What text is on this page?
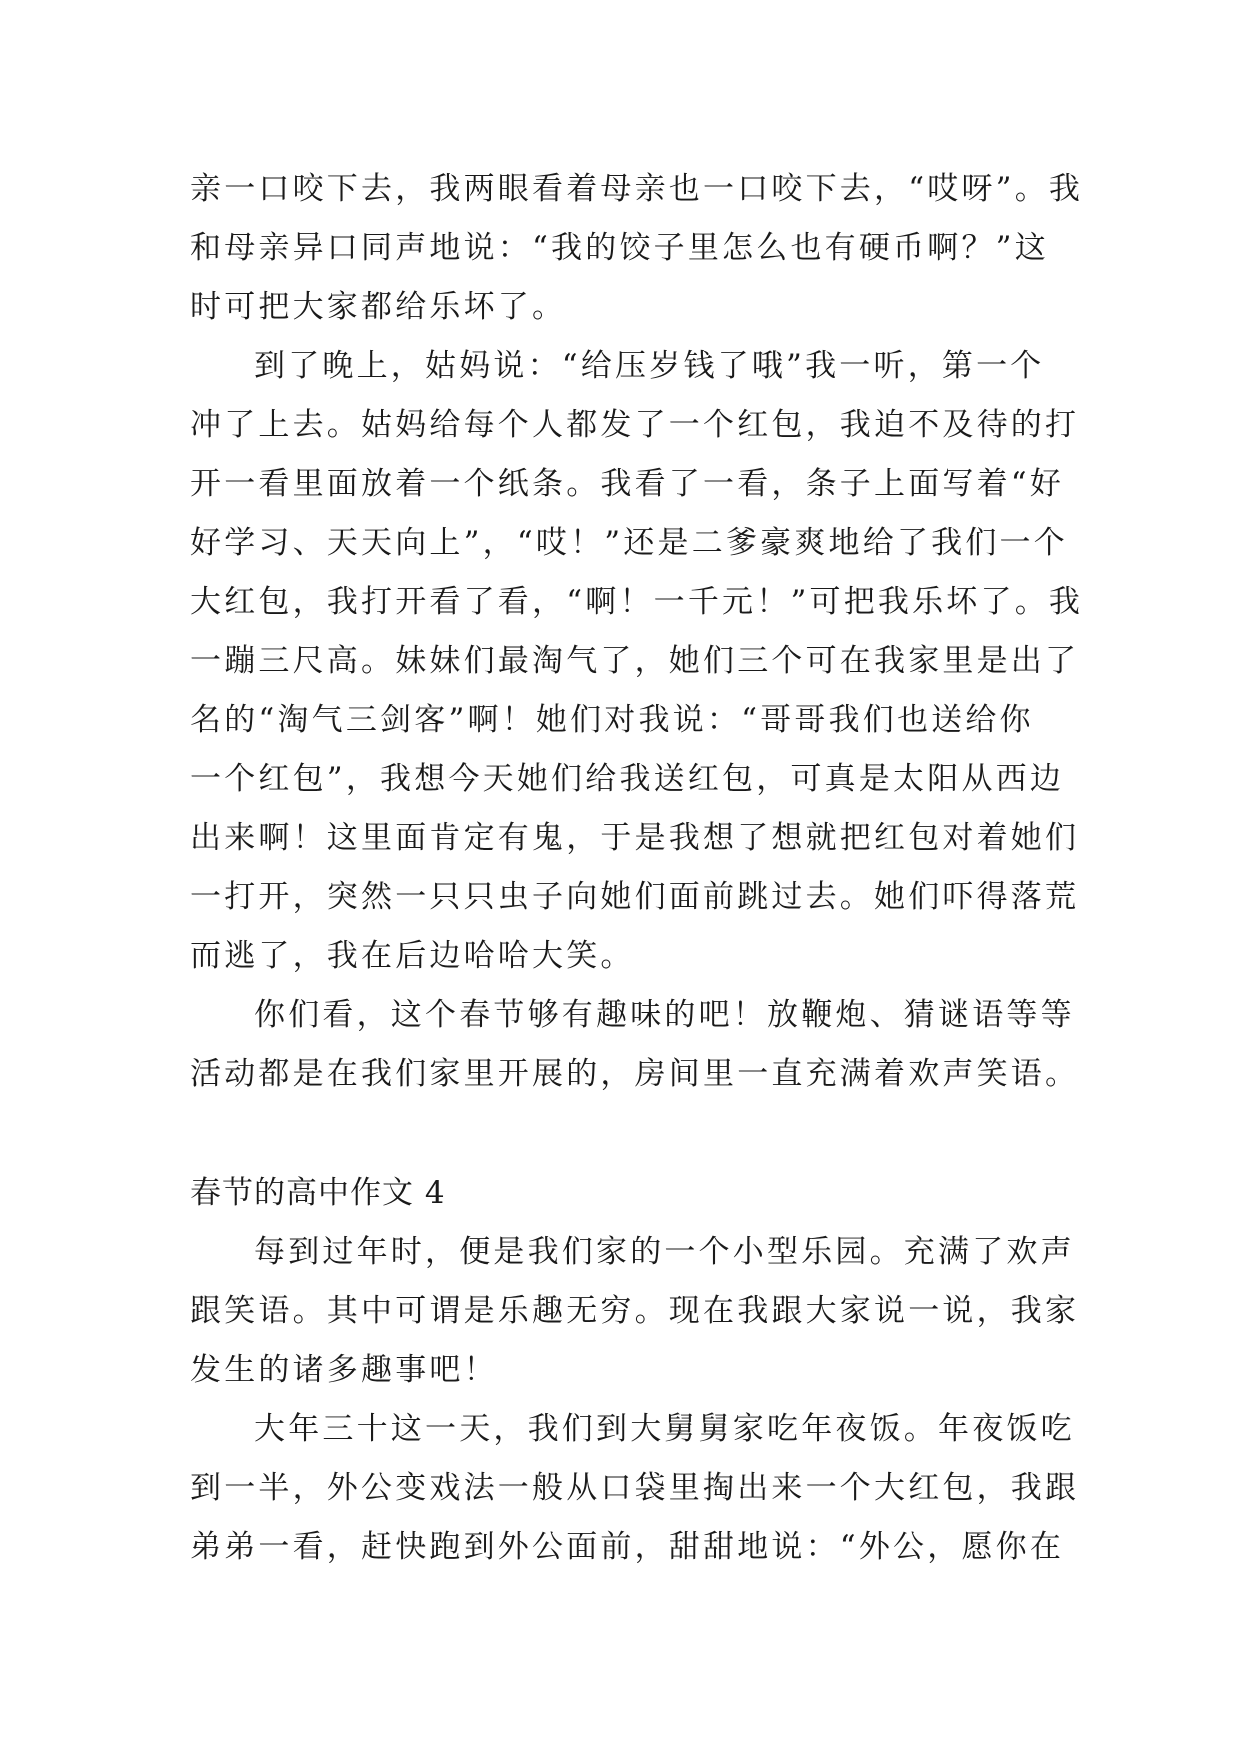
亲一口咬下去，我两眼看着母亲也一口咬下去，“哎呀”。我
和母亲异口同声地说：“我的饺子里怎么也有硬币啊？”这
时可把大家都给乐坏了。
到了晚上，姑妈说：“给压岁钱了哦”我一听，第一个
冲了上去。姑妈给每个人都发了一个红包，我迫不及待的打
开一看里面放着一个纸条。我看了一看，条子上面写着“好
好学习、天天向上”，“哎！”还是二爹豪爽地给了我们一个
大红包，我打开看了看，“啊！一千元！”可把我乐坏了。我
一蹦三尺高。妹妹们最淘气了，她们三个可在我家里是出了
名的“淘气三剑客”啊！她们对我说：“哥哥我们也送给你
一个红包”，我想今天她们给我送红包，可真是太阳从西边
出来啊！这里面肯定有鬼，于是我想了想就把红包对着她们
一打开，突然一只只虫子向她们面前跳过去。她们吓得落荒
而逃了，我在后边哈哈大笑。
你们看，这个春节够有趣味的吧！放鞭炮、猜谜语等等
活动都是在我们家里开展的，房间里一直充满着欢声笑语。
春节的高中作文 4
每到过年时，便是我们家的一个小型乐园。充满了欢声
跟笑语。其中可谓是乐趣无穷。现在我跟大家说一说，我家
发生的诸多趣事吧！
大年三十这一天，我们到大舅舅家吃年夜饭。年夜饭吃
到一半，外公变戏法一般从口袋里掏出来一个大红包，我跟
弟弟一看，赶快跑到外公面前，甜甜地说：“外公，愿你在
